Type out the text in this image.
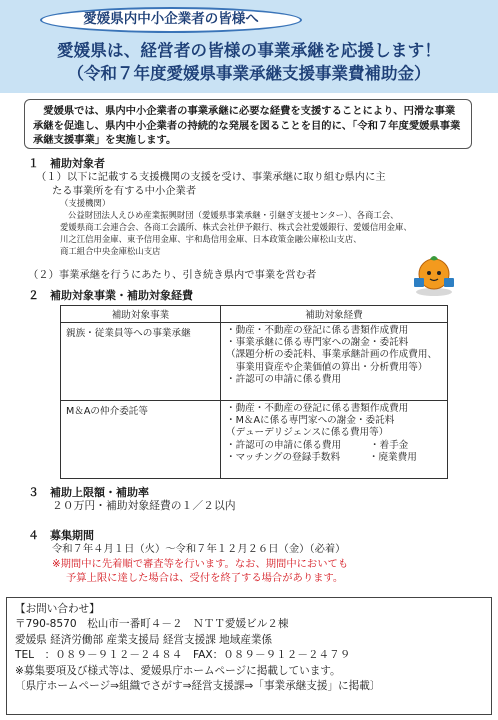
愛媛県内中小企業者の皆様へ
愛媛県は、経営者の皆様の事業承継を応援します！
（令和７年度愛媛県事業承継支援事業費補助金）

愛媛県では、県内中小企業者の事業承継に必要な経費を支援することにより、円滑な事業承継を促進し、県内中小企業者の持続的な発展を図ることを目的に、「令和７年度愛媛県事業承継支援事業」を実施します。

１　補助対象者
（１）以下に記載する支援機関の支援を受け、事業承継に取り組む県内に主
たる事業所を有する中小企業者
（支援機関）
公益財団法人えひめ産業振興財団（愛媛県事業承継・引継ぎ支援センター）、各商工会、
愛媛県商工会連合会、各商工会議所、株式会社伊予銀行、株式会社愛媛銀行、愛媛信用金庫、
川之江信用金庫、東予信用金庫、宇和島信用金庫、日本政策金融公庫松山支店、
商工組合中央金庫松山支店
（２）事業承継を行うにあたり、引き続き県内で事業を営む者
２　補助対象事業・補助対象経費
補助対象事業	補助対象経費
親族・従業員等への事業承継	・動産・不動産の登記に係る書類作成費用
・事業承継に係る専門家への謝金・委託料
（課題分析の委託料、事業承継計画の作成費用、
　事業用資産や企業価値の算出・分析費用等）
・許認可の申請に係る費用

M＆Aの仲介委託等	・動産・不動産の登記に係る書類作成費用
・M＆Aに係る専門家への謝金・委託料
（デューデリジェンスに係る費用等）
・許認可の申請に係る費用　　　・着手金
・マッチングの登録手数料　　　・廃業費用
３　補助上限額・補助率
２０万円・補助対象経費の１／２以内
４　募集期間
令和７年４月１日（火）～令和７年１２月２６日（金）（必着）
※期間中に先着順で審査等を行います。なお、期間中においても
予算上限に達した場合は、受付を終了する場合があります。
【お問い合わせ】
〒790-8570　松山市一番町４－２　ＮＴＴ愛媛ビル２棟
愛媛県 経済労働部 産業支援局 経営支援課 地域産業係
TEL　：０８９－９１２－２４８４　FAX：０８９－９１２－２４７９
※募集要項及び様式等は、愛媛県庁ホームページに掲載しています。
〔県庁ホームページ⇒組織でさがす⇒経営支援課⇒「事業承継支援」に掲載〕
